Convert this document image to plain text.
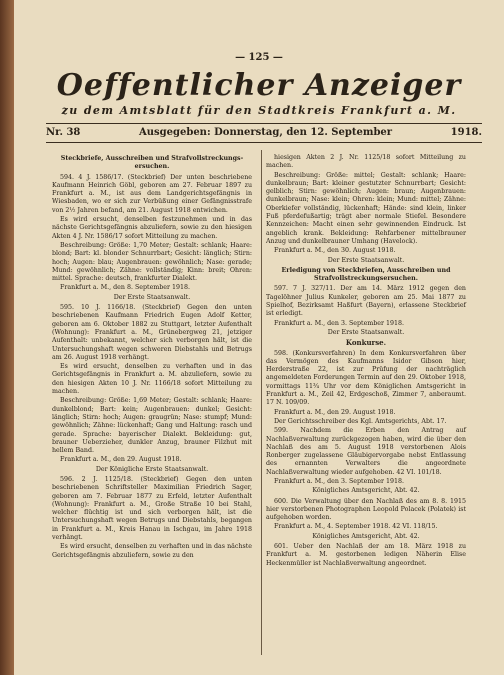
— 125 —
Oeffentlicher Anzeiger
zu dem Amtsblatt für den Stadtkreis Frankfurt a. M.
Nr. 38	Ausgegeben: Donnerstag, den 12. September	1918.

Steckbriefe, Ausschreiben und Strafvollstreckungs-ersuchen.

594. 4 J. 1586/17. (Steckbrief) Der unten beschriebene Kaufmann Heinrich Göbl, geboren am 27. Februar 1897 zu Frankfurt a. M., ist aus dem Landgerichtsgefängnis in Wiesbaden, wo er sich zur Verbüßung einer Gefängnisstrafe von 2½ Jahren befand, am 21. August 1918 entwichen.

Es wird ersucht, denselben festzunehmen und in das nächste Gerichtsgefängnis abzuliefern, sowie zu den hiesigen Akten 4 J. Nr. 1586/17 sofort Mitteilung zu machen.

Beschreibung: Größe: 1,70 Meter; Gestalt: schlank; Haare: blond; Bart: kl. blonder Schnurrbart; Gesicht: länglich; Stirn: hoch; Augen: blau; Augenbrauen: gewöhnlich; Nase: gerade; Mund: gewöhnlich; Zähne: vollständig; Kinn: breit; Ohren: mittel. Sprache: deutsch, frankfurter Dialekt.

Frankfurt a. M., den 8. September 1918.

Der Erste Staatsanwalt.

595. 10 J. 1166/18. (Steckbrief) Gegen den unten beschriebenen Kaufmann Friedrich Eugen Adolf Ketter, geboren am 6. Oktober 1882 zu Stuttgart, letzter Aufenthalt (Wohnung): Frankfurt a. M., Grünebergweg 21, jetziger Aufenthalt: unbekannt, welcher sich verborgen hält, ist die Untersuchungshaft wegen schweren Diebstahls und Betrugs am 26. August 1918 verhängt.

Es wird ersucht, denselben zu verhaften und in das Gerichtsgefängnis in Frankfurt a. M. abzuliefern, sowie zu den hiesigen Akten 10 J. Nr. 1166/18 sofort Mitteilung zu machen.

Beschreibung: Größe: 1,69 Meter; Gestalt: schlank; Haare: dunkelblond; Bart: kein; Augenbrauen: dunkel; Gesicht: länglich; Stirn: hoch; Augen: graugrün; Nase: stumpf; Mund: gewöhnlich; Zähne: lückenhaft; Gang und Haltung: rasch und gerade. Sprache: bayerischer Dialekt. Bekleidung: gut, brauner Ueberzieher, dunkler Anzug, brauner Filzhut mit hellem Band.

Frankfurt a. M., den 29. August 1918.

Der Königliche Erste Staatsanwalt.

596. 2 J. 1125/18. (Steckbrief) Gegen den unten beschriebenen Schriftsteller Maximilian Friedrich Sager, geboren am 7. Februar 1877 zu Erfeld, letzter Aufenthalt (Wohnung): Frankfurt a. M., Große Straße 10 bei Stahl, welcher flüchtig ist und sich verborgen hält, ist die Untersuchungshaft wegen Betrugs und Diebstahls, begangen in Frankfurt a. M., Kreis Hanau in Ischgau, im Jahre 1918 verhängt.

Es wird ersucht, denselben zu verhaften und in das nächste Gerichtsgefängnis abzuliefern, sowie zu den

hiesigen Akten 2 J. Nr. 1125/18 sofort Mitteilung zu machen.

Beschreibung: Größe: mittel; Gestalt: schlank; Haare: dunkelbraun; Bart: kleiner gestutzter Schnurrbart; Gesicht: gelblich; Stirn: gewöhnlich; Augen: braun; Augenbrauen: dunkelbraun; Nase: klein; Ohren: klein; Mund: mittel; Zähne: Oberkiefer vollständig, lückenhaft; Hände: sind klein, linker Fuß pferdefußartig; trägt aber normale Stiefel. Besondere Kennzeichen: Macht einen sehr gewinnenden Eindruck. Ist angeblich krank. Bekleidung: Rehfarbener mittelbrauner Anzug und dunkelbrauner Umhang (Havelock).

Frankfurt a. M., den 30. August 1918.

Der Erste Staatsanwalt.

Erledigung von Steckbriefen, Ausschreiben und Strafvollstreckungsersuchen.

597. 7 J. 327/11. Der am 14. März 1912 gegen den Tagelöhner Julius Kunkeler, geboren am 25. Mai 1877 zu Spielhof, Bezirksamt Haßfurt (Bayern), erlassene Steckbrief ist erledigt.

Frankfurt a. M., den 3. September 1918.

Der Erste Staatsanwalt.

Konkurse.

598. (Konkursverfahren) In dem Konkursverfahren über das Vermögen des Kaufmanns Isidor Gibson hier, Herderstraße 22, ist zur Prüfung der nachträglich angemeldeten Forderungen Termin auf den 29. Oktober 1918, vormittags 11¾ Uhr vor dem Königlichen Amtsgericht in Frankfurt a. M., Zeil 42, Erdgeschoß, Zimmer 7, anberaumt. 17 N. 109/09.

Frankfurt a. M., den 29. August 1918.

Der Gerichtsschreiber des Kgl. Amtsgerichts, Abt. 17.

599. Nachdem die Erben den Antrag auf Nachlaßverwaltung zurückgezogen haben, wird die über den Nachlaß des am 5. August 1918 verstorbenen Alois Ronberger zugelassene Gläubigervorgabe nebst Entlassung des ernannten Verwalters die angeordnete Nachlaßverwaltung wieder aufgehoben. 42 VI. 101/18.

Frankfurt a. M., den 3. September 1918.

Königliches Amtsgericht, Abt. 42.

600. Die Verwaltung über den Nachlaß des am 8. 8. 1915 hier verstorbenen Photographen Leopold Polacek (Polatek) ist aufgehoben worden.

Frankfurt a. M., 4. September 1918. 42 VI. 118/15.

Königliches Amtsgericht, Abt. 42.

601. Ueber den Nachlaß der am 18. März 1918 zu Frankfurt a. M. gestorbenen ledigen Näherin Elise Heckenmüller ist Nachlaßverwaltung angeordnet.
